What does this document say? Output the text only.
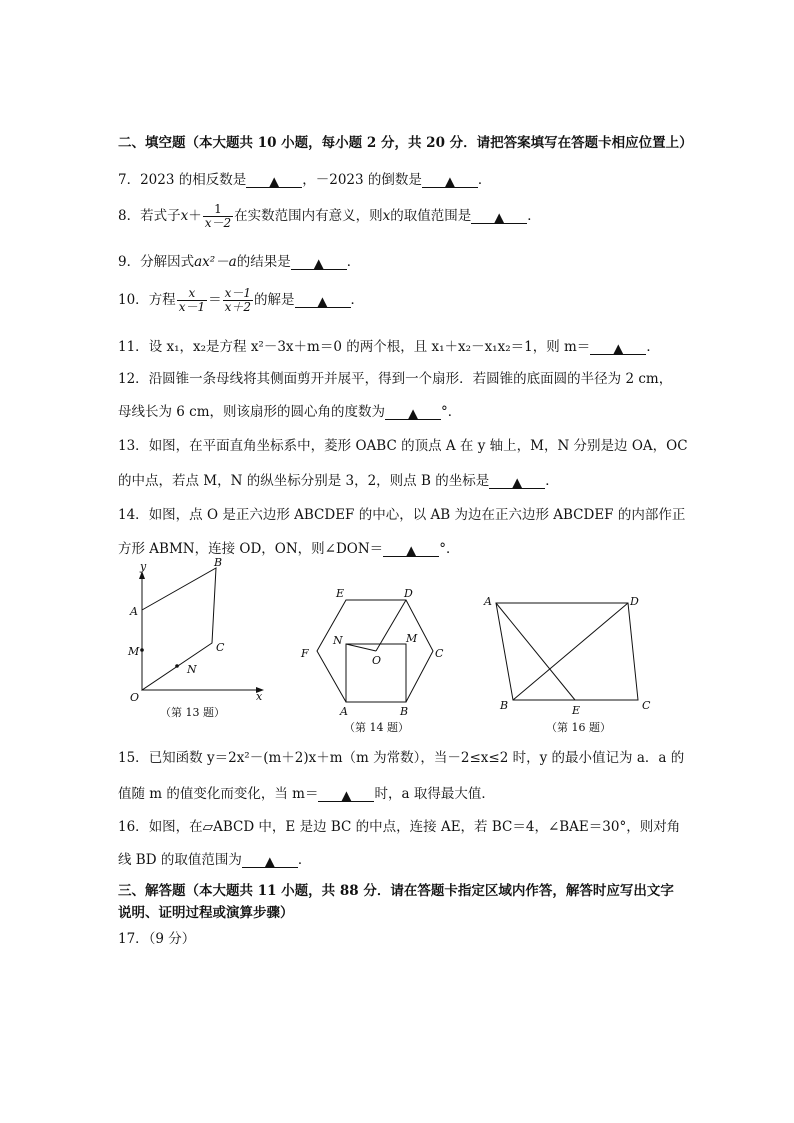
二、填空题（本大题共 10 小题，每小题 2 分，共 20 分．请把答案填写在答题卡相应位置上）
7．2023 的相反数是 ▲ ，－2023 的倒数是 ▲ ．
8．若式子$x+ \frac{1}{x-2}$ 在实数范围内有意义，则x的取值范围是 ▲ ．
9．分解因式ax²－a的结果是 ▲ ．
10．方程 $\frac{x}{x-1} = \frac{x-1}{x+2}$ 的解是 ▲ ．
11．设 x₁，x₂是方程 x²－3x＋m＝0 的两个根，且 x₁＋x₂－x₁x₂＝1，则 m＝ ▲ ．
12．沿圆锥一条母线将其侧面剪开并展平，得到一个扇形．若圆锥的底面圆的半径为 2 cm，
母线长为 6 cm，则该扇形的圆心角的度数为 ▲ °．
13．如图，在平面直角坐标系中，菱形 OABC 的顶点 A 在 y 轴上，M，N 分别是边 OA，OC
的中点，若点 M，N 的纵坐标分别是 3，2，则点 B 的坐标是 ▲ ．
14．如图，点 O 是正六边形 ABCDEF 的中心，以 AB 为边在正六边形 ABCDEF 的内部作正
方形 ABMN，连接 OD，ON，则∠DON＝ ▲ °．
y
x
O
A
B
C
M
N
（第 13 题）
E	D
F	C
N	M
O
A	B
（第 14 题）
A	D
B	E	C
（第 16 题）
15．已知函数 y＝2x²－(m＋2)x＋m（m 为常数），当－2≤x≤2 时，y 的最小值记为 a．a 的
值随 m 的值变化而变化，当 m＝ ▲ 时，a 取得最大值．
16．如图，在▱ABCD 中，E 是边 BC 的中点，连接 AE，若 BC＝4，∠BAE＝30°，则对角
线 BD 的取值范围为 ▲ ．
三、解答题（本大题共 11 小题，共 88 分．请在答题卡指定区域内作答，解答时应写出文字
说明、证明过程或演算步骤）
17．（9 分）
